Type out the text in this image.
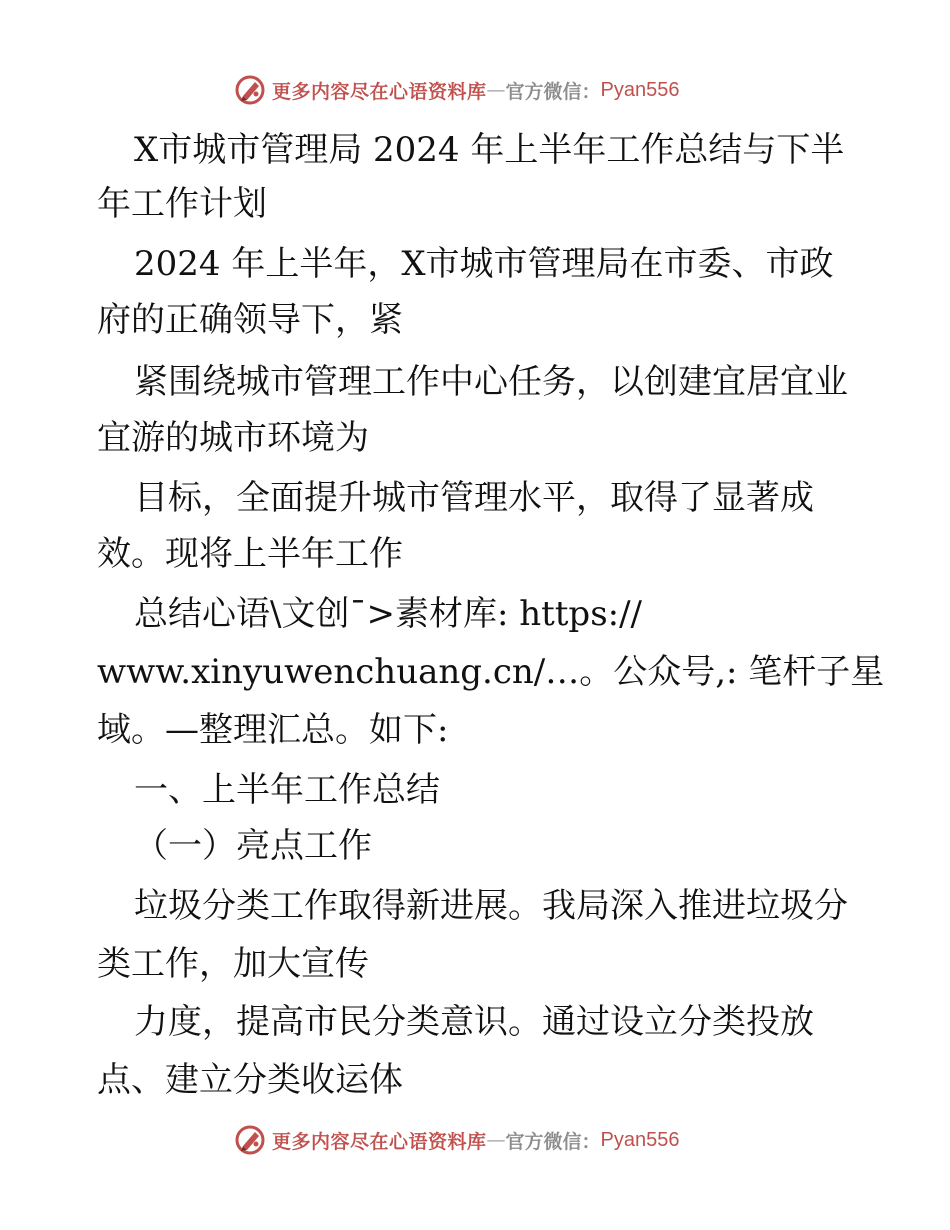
更多内容尽在心语资料库 — 官方微信： Pyan556
X市城市管理局 2024 年上半年工作总结与下半
年工作计划
2024 年上半年，X市城市管理局在市委、市政
府的正确领导下，紧
紧围绕城市管理工作中心任务，以创建宜居宜业
宜游的城市环境为
目标，全面提升城市管理水平，取得了显著成
效。现将上半年工作
总结心语\文创¯>素材库: https://
www.xinyuwenchuang.cn/…。公众号,: 笔杆子星
域。—整理汇总。如下:
一、上半年工作总结
（一）亮点工作
垃圾分类工作取得新进展。我局深入推进垃圾分
类工作，加大宣传
力度，提高市民分类意识。通过设立分类投放
点、建立分类收运体
更多内容尽在心语资料库 — 官方微信： Pyan556
